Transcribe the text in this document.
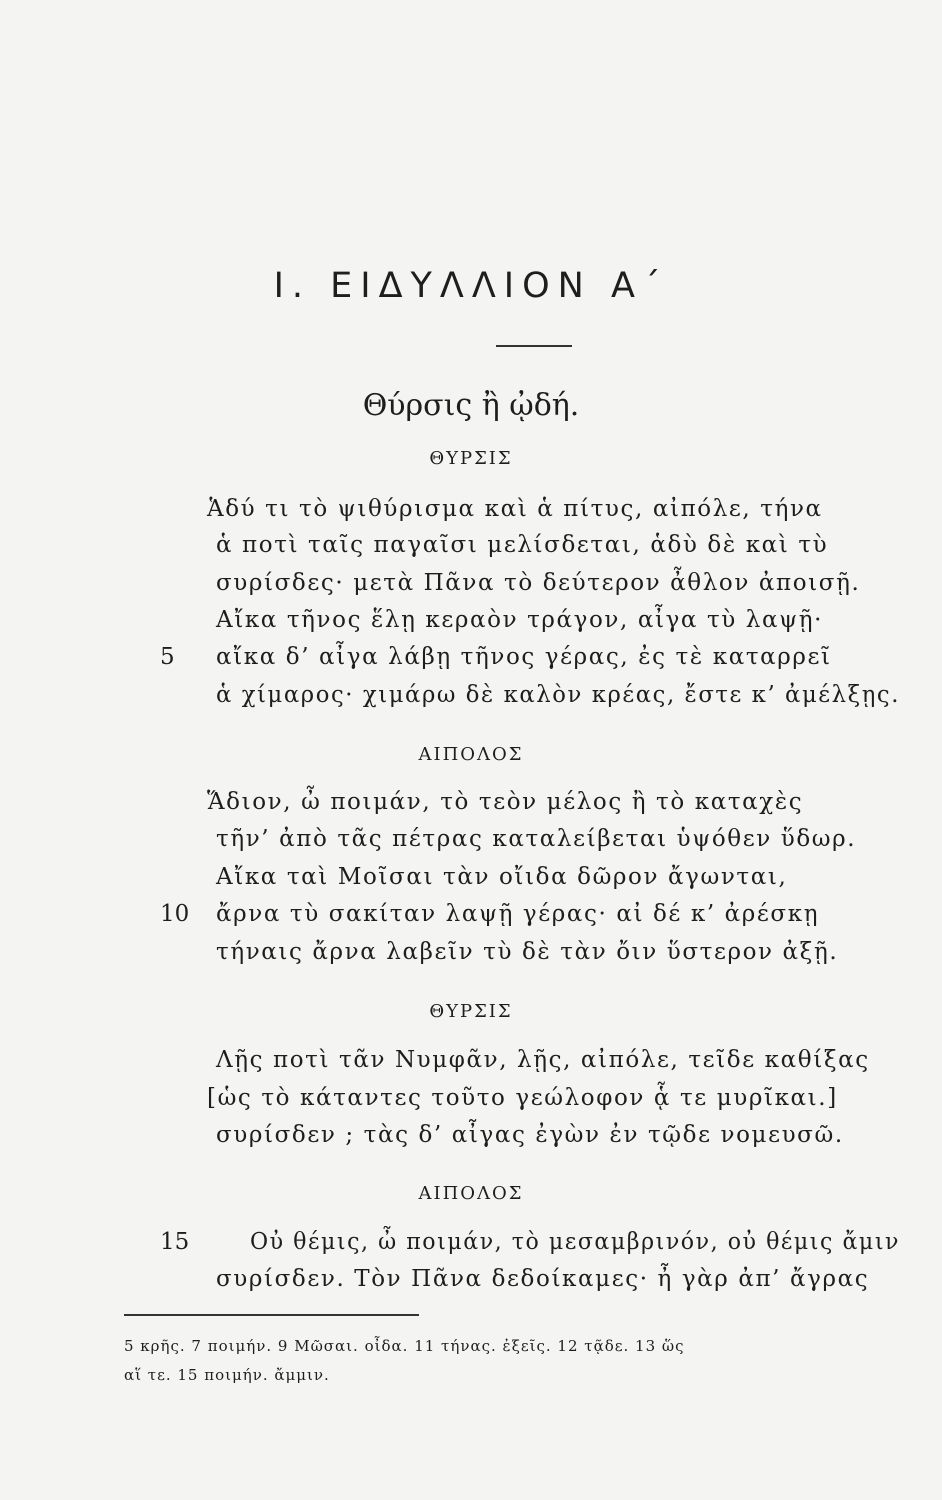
Ι. ΕΙΔΥΛΛΙΟΝ Α΄
Θύρσις ἢ ᾠδή.
ΘΥΡΣΙΣ
Ἁδύ τι τὸ ψιθύρισμα καὶ ἁ πίτυς, αἰπόλε, τήνα
ἁ ποτὶ ταῖς παγαῖσι μελίσδεται, ἁδὺ δὲ καὶ τὺ
συρίσδες· μετὰ Πᾶνα τὸ δεύτερον ἆθλον ἀποισῇ.
Αἴκα τῆνος ἕλῃ κεραὸν τράγον, αἶγα τὺ λαψῇ·
5 αἴκα δ’ αἶγα λάβῃ τῆνος γέρας, ἐς τὲ καταρρεῖ
ἁ χίμαρος· χιμάρω δὲ καλὸν κρέας, ἔστε κ’ ἀμέλξῃς.
ΑΙΠΟΛΟΣ
Ἅδιον, ὦ ποιμάν, τὸ τεὸν μέλος ἢ τὸ καταχὲς
τῆν’ ἀπὸ τᾶς πέτρας καταλείβεται ὑψόθεν ὕδωρ.
Αἴκα ταὶ Μοῖσαι τὰν οἴιδα δῶρον ἄγωνται,
10 ἄρνα τὺ σακίταν λαψῇ γέρας· αἰ δέ κ’ ἀρέσκῃ
τήναις ἄρνα λαβεῖν τὺ δὲ τὰν ὄιν ὕστερον ἀξῇ.
ΘΥΡΣΙΣ
Λῇς ποτὶ τᾶν Νυμφᾶν, λῇς, αἰπόλε, τεῖδε καθίξας
[ὡς τὸ κάταντες τοῦτο γεώλοφον ᾇ τε μυρῖκαι.]
συρίσδεν ; τὰς δ’ αἶγας ἐγὼν ἐν τῷδε νομευσῶ.
ΑΙΠΟΛΟΣ
15	Οὐ θέμις, ὦ ποιμάν, τὸ μεσαμβρινόν, οὐ θέμις ἄμιν
συρίσδεν. Τὸν Πᾶνα δεδοίκαμες· ἦ γὰρ ἀπ’ ἄγρας
5 κρῆς. 7 ποιμήν. 9 Μῶσαι. οἶδα. 11 τήνας. ἐξεῖς. 12 τᾷδε. 13 ὥς
αἵ τε. 15 ποιμήν. ἄμμιν.
